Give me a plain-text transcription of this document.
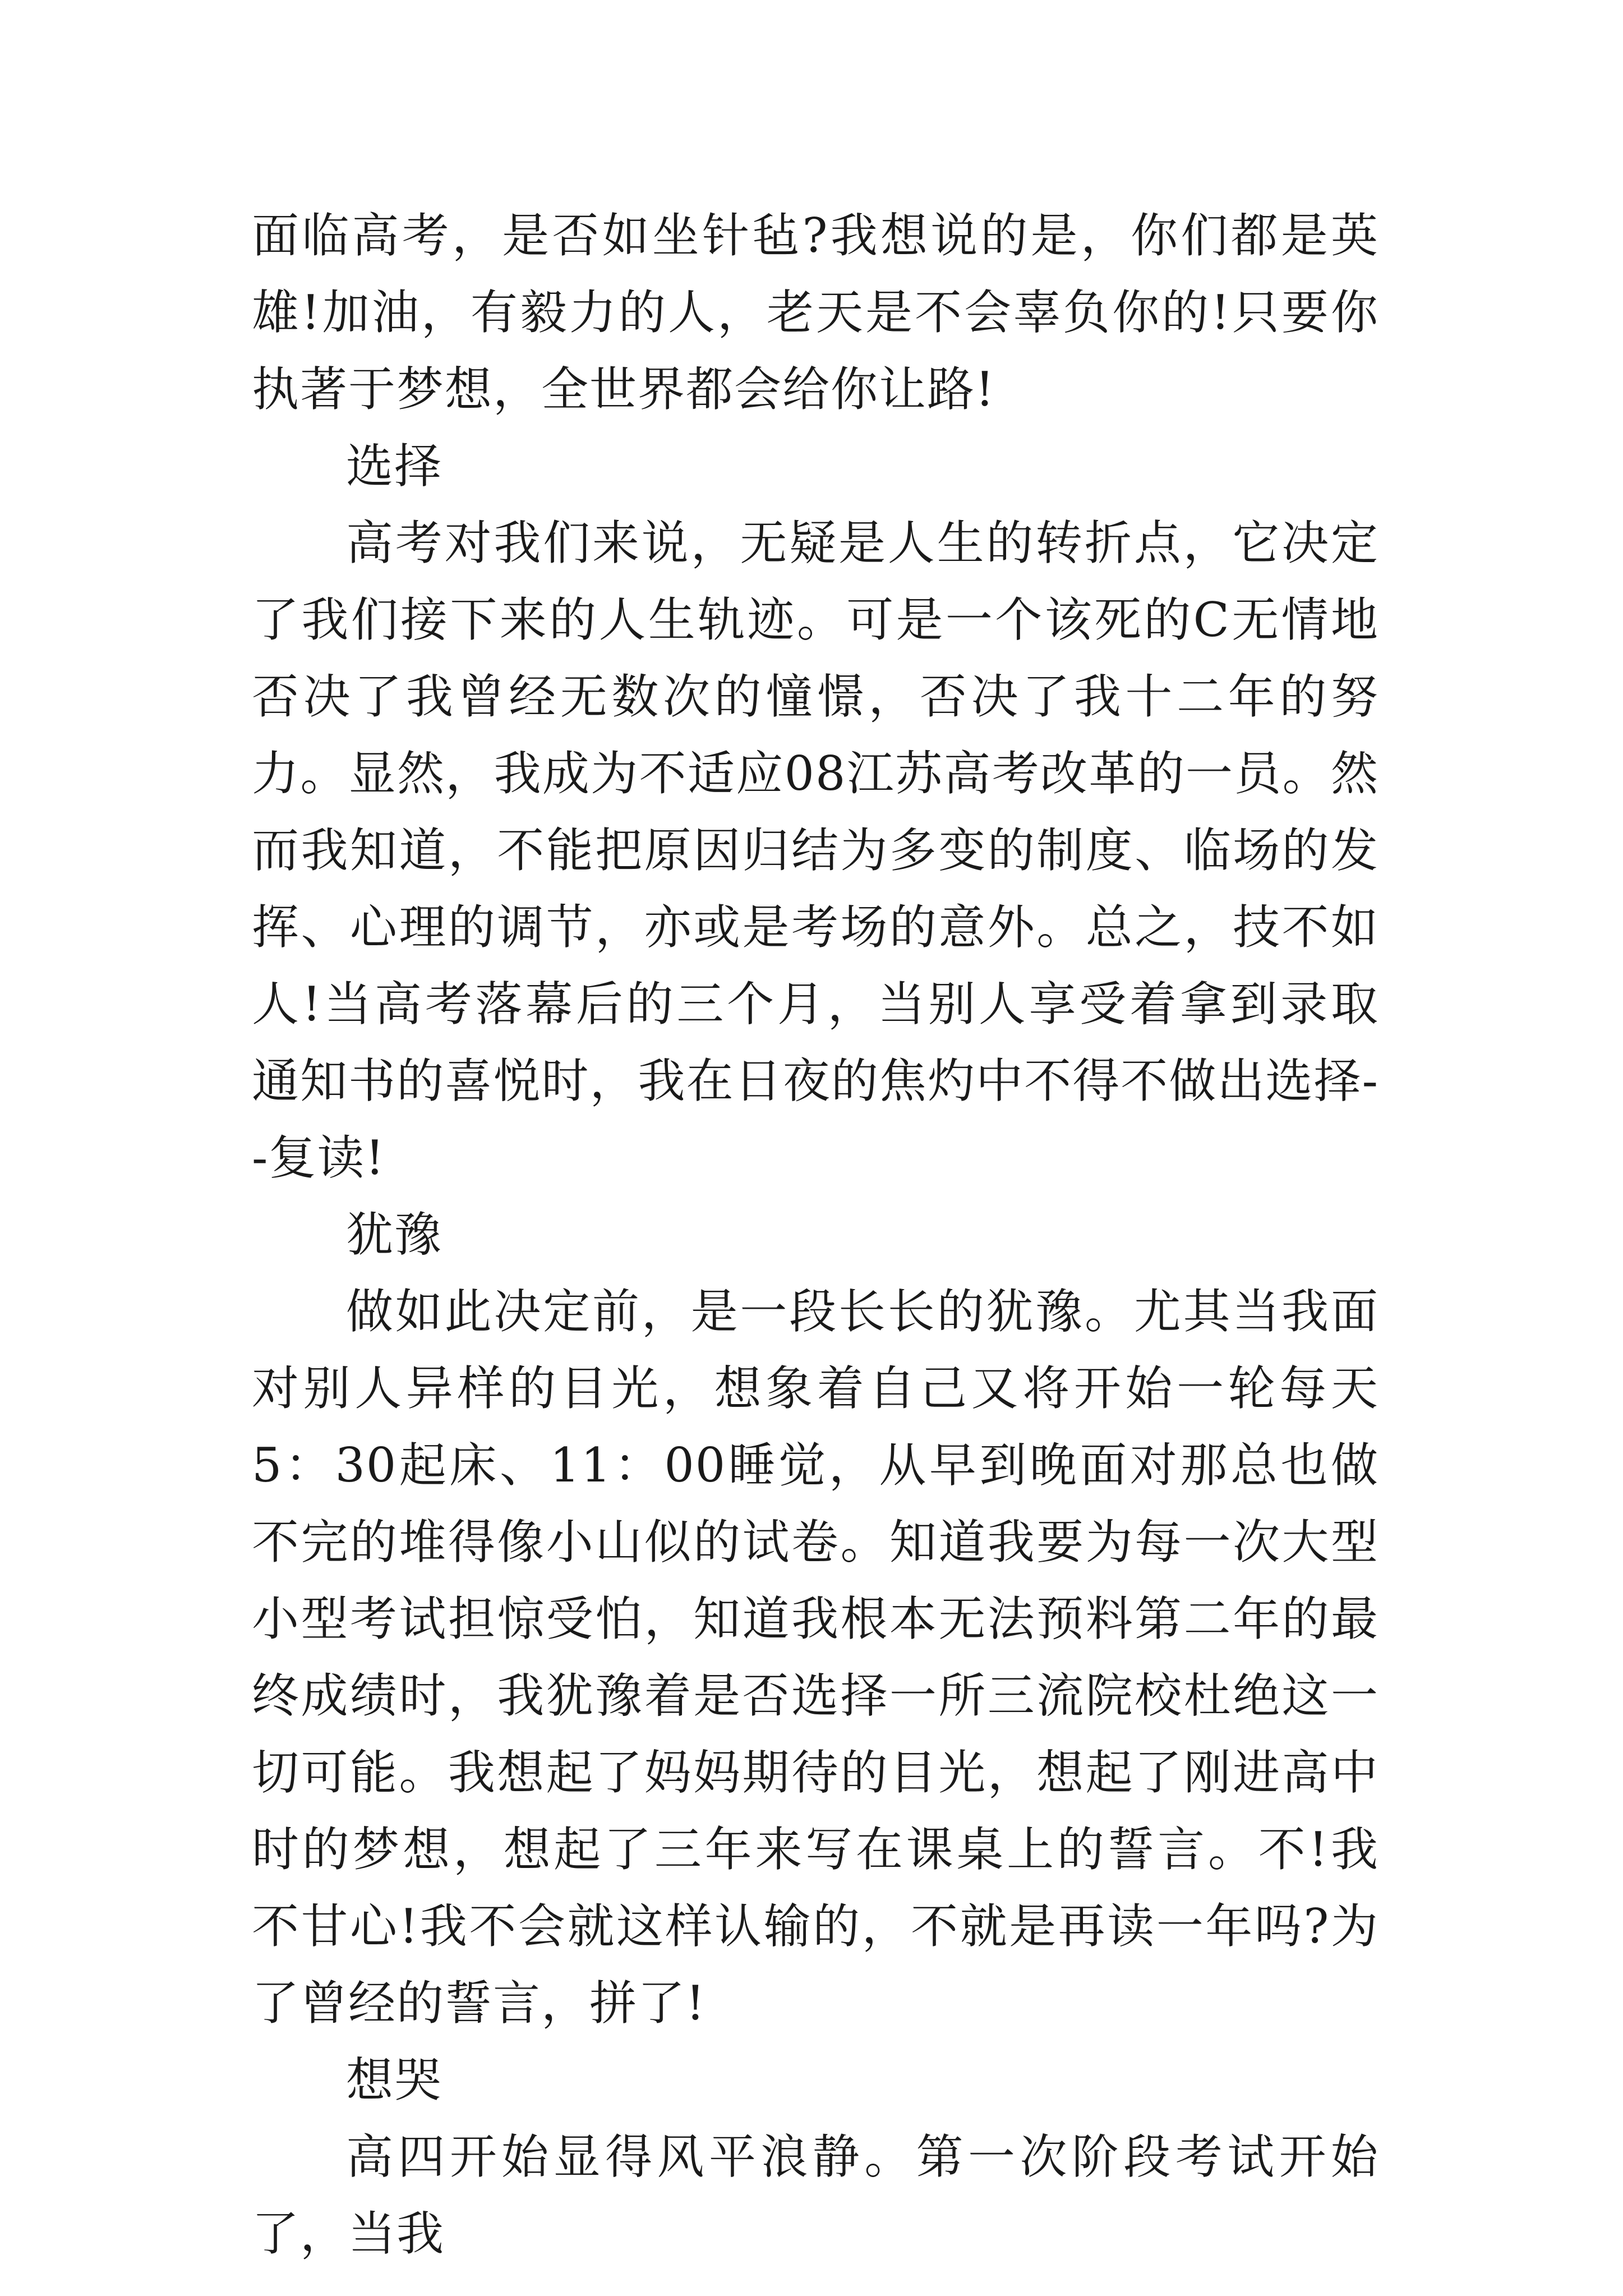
面临高考，是否如坐针毡?我想说的是，你们都是英雄!加油，有毅力的人，老天是不会辜负你的!只要你执著于梦想，全世界都会给你让路!

选择

高考对我们来说，无疑是人生的转折点，它决定了我们接下来的人生轨迹。可是一个该死的C无情地否决了我曾经无数次的憧憬，否决了我十二年的努力。显然，我成为不适应08江苏高考改革的一员。然而我知道，不能把原因归结为多变的制度、临场的发挥、心理的调节，亦或是考场的意外。总之，技不如人!当高考落幕后的三个月，当别人享受着拿到录取通知书的喜悦时，我在日夜的焦灼中不得不做出选择--复读!

犹豫

做如此决定前，是一段长长的犹豫。尤其当我面对别人异样的目光，想象着自己又将开始一轮每天5：30起床、11：00睡觉，从早到晚面对那总也做不完的堆得像小山似的试卷。知道我要为每一次大型小型考试担惊受怕，知道我根本无法预料第二年的最终成绩时，我犹豫着是否选择一所三流院校杜绝这一切可能。我想起了妈妈期待的目光，想起了刚进高中时的梦想，想起了三年来写在课桌上的誓言。不!我不甘心!我不会就这样认输的，不就是再读一年吗?为了曾经的誓言，拼了!

想哭

高四开始显得风平浪静。第一次阶段考试开始了，当我
